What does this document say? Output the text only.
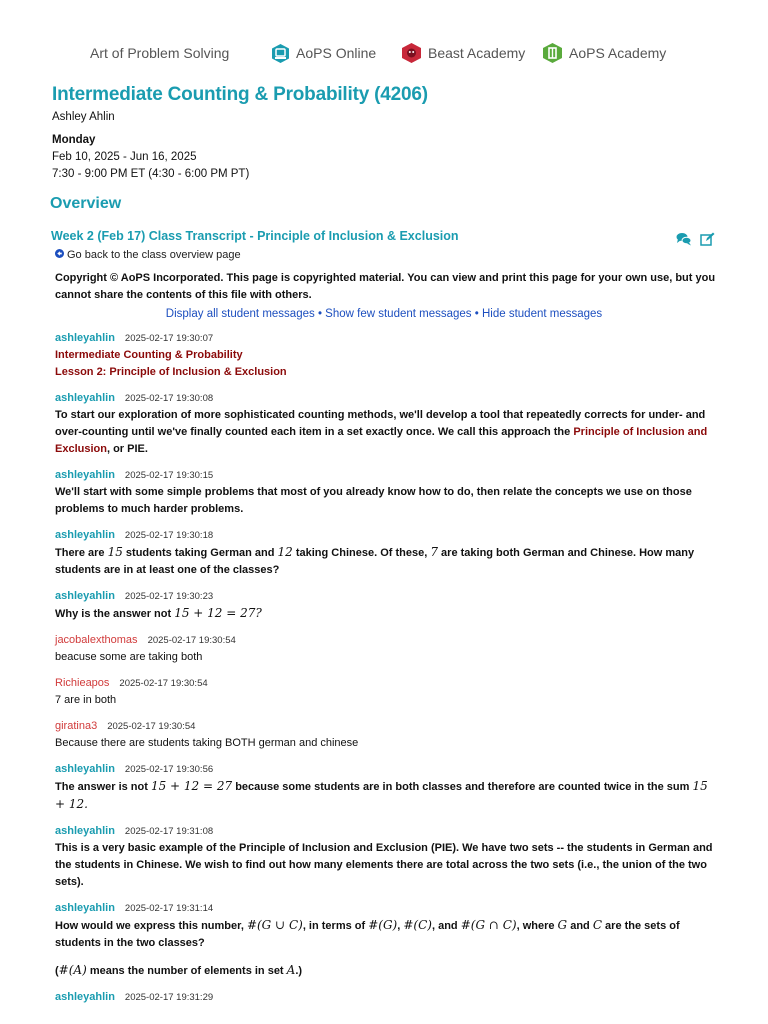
Art of Problem Solving	AoPS Online	Beast Academy	AoPS Academy
Intermediate Counting & Probability (4206)
Ashley Ahlin
Monday
Feb 10, 2025 - Jun 16, 2025
7:30 - 9:00 PM ET (4:30 - 6:00 PM PT)
Overview
Week 2 (Feb 17) Class Transcript - Principle of Inclusion & Exclusion
Go back to the class overview page
Copyright © AoPS Incorporated. This page is copyrighted material. You can view and print this page for your own use, but you cannot share the contents of this file with others.
Display all student messages • Show few student messages • Hide student messages
ashleyahlin 2025-02-17 19:30:07
Intermediate Counting & Probability
Lesson 2: Principle of Inclusion & Exclusion
ashleyahlin 2025-02-17 19:30:08
To start our exploration of more sophisticated counting methods, we'll develop a tool that repeatedly corrects for under- and over-counting until we've finally counted each item in a set exactly once. We call this approach the Principle of Inclusion and Exclusion, or PIE.
ashleyahlin 2025-02-17 19:30:15
We'll start with some simple problems that most of you already know how to do, then relate the concepts we use on those problems to much harder problems.
ashleyahlin 2025-02-17 19:30:18
There are 15 students taking German and 12 taking Chinese. Of these, 7 are taking both German and Chinese. How many students are in at least one of the classes?
ashleyahlin 2025-02-17 19:30:23
Why is the answer not 15 + 12 = 27?
jacobalexthomas 2025-02-17 19:30:54
beacuse some are taking both
Richieapos 2025-02-17 19:30:54
7 are in both
giratina3 2025-02-17 19:30:54
Because there are students taking BOTH german and chinese
ashleyahlin 2025-02-17 19:30:56
The answer is not 15 + 12 = 27 because some students are in both classes and therefore are counted twice in the sum 15 + 12.
ashleyahlin 2025-02-17 19:31:08
This is a very basic example of the Principle of Inclusion and Exclusion (PIE). We have two sets -- the students in German and the students in Chinese. We wish to find out how many elements there are total across the two sets (i.e., the union of the two sets).
ashleyahlin 2025-02-17 19:31:14
How would we express this number, #(G ∪ C), in terms of #(G), #(C), and #(G ∩ C), where G and C are the sets of students in the two classes?
(#(A) means the number of elements in set A.)
ashleyahlin 2025-02-17 19:31:29
